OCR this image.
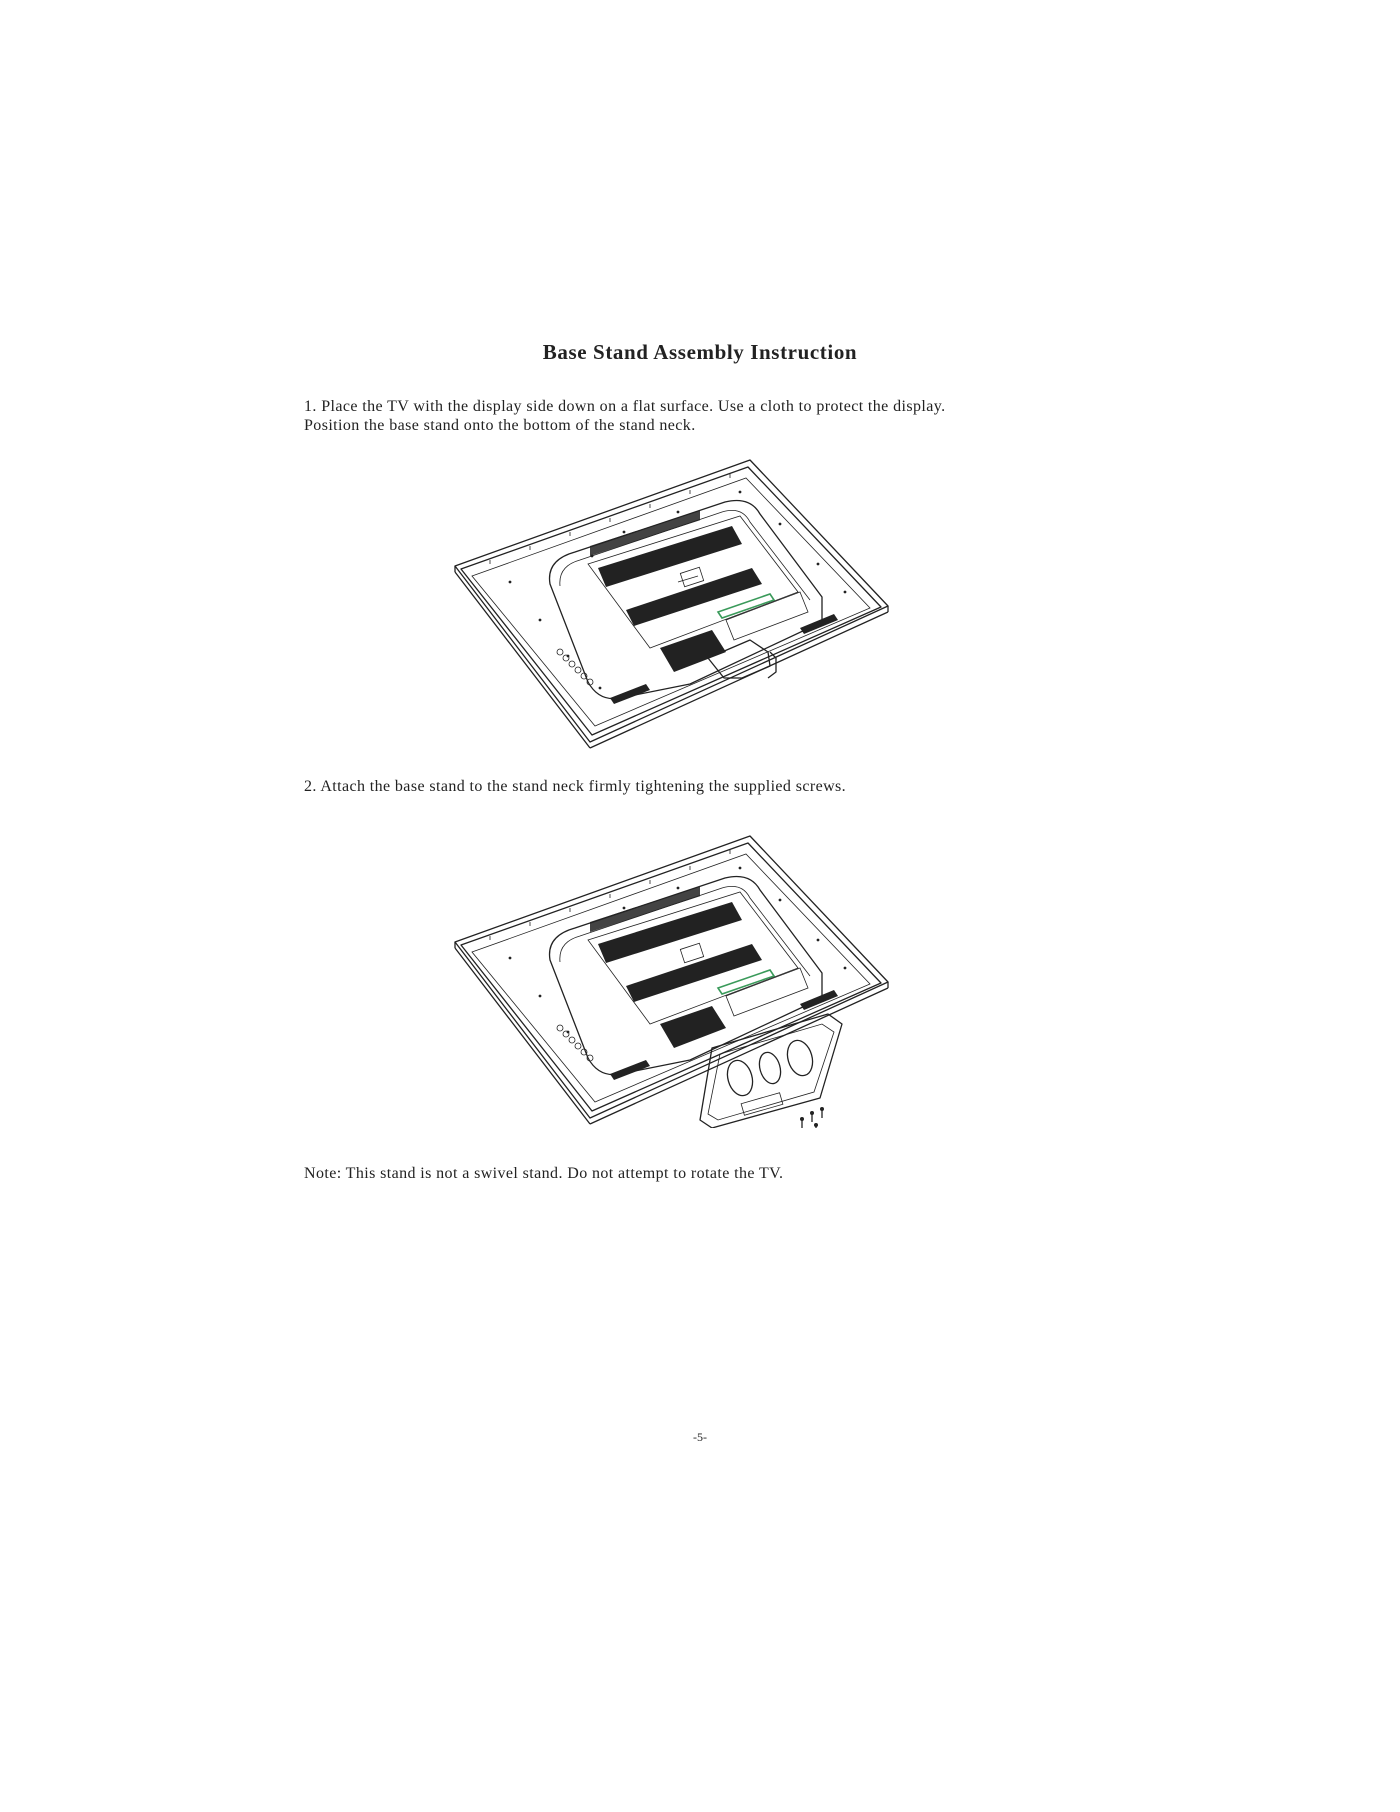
Base Stand Assembly Instruction

1. Place the TV with the display side down on a flat surface. Use a cloth to protect the display.
Position the base stand onto the bottom of the stand neck.

2. Attach the base stand to the stand neck firmly tightening the supplied screws.

Note: This stand is not a swivel stand. Do not attempt to rotate the TV.

-5-
